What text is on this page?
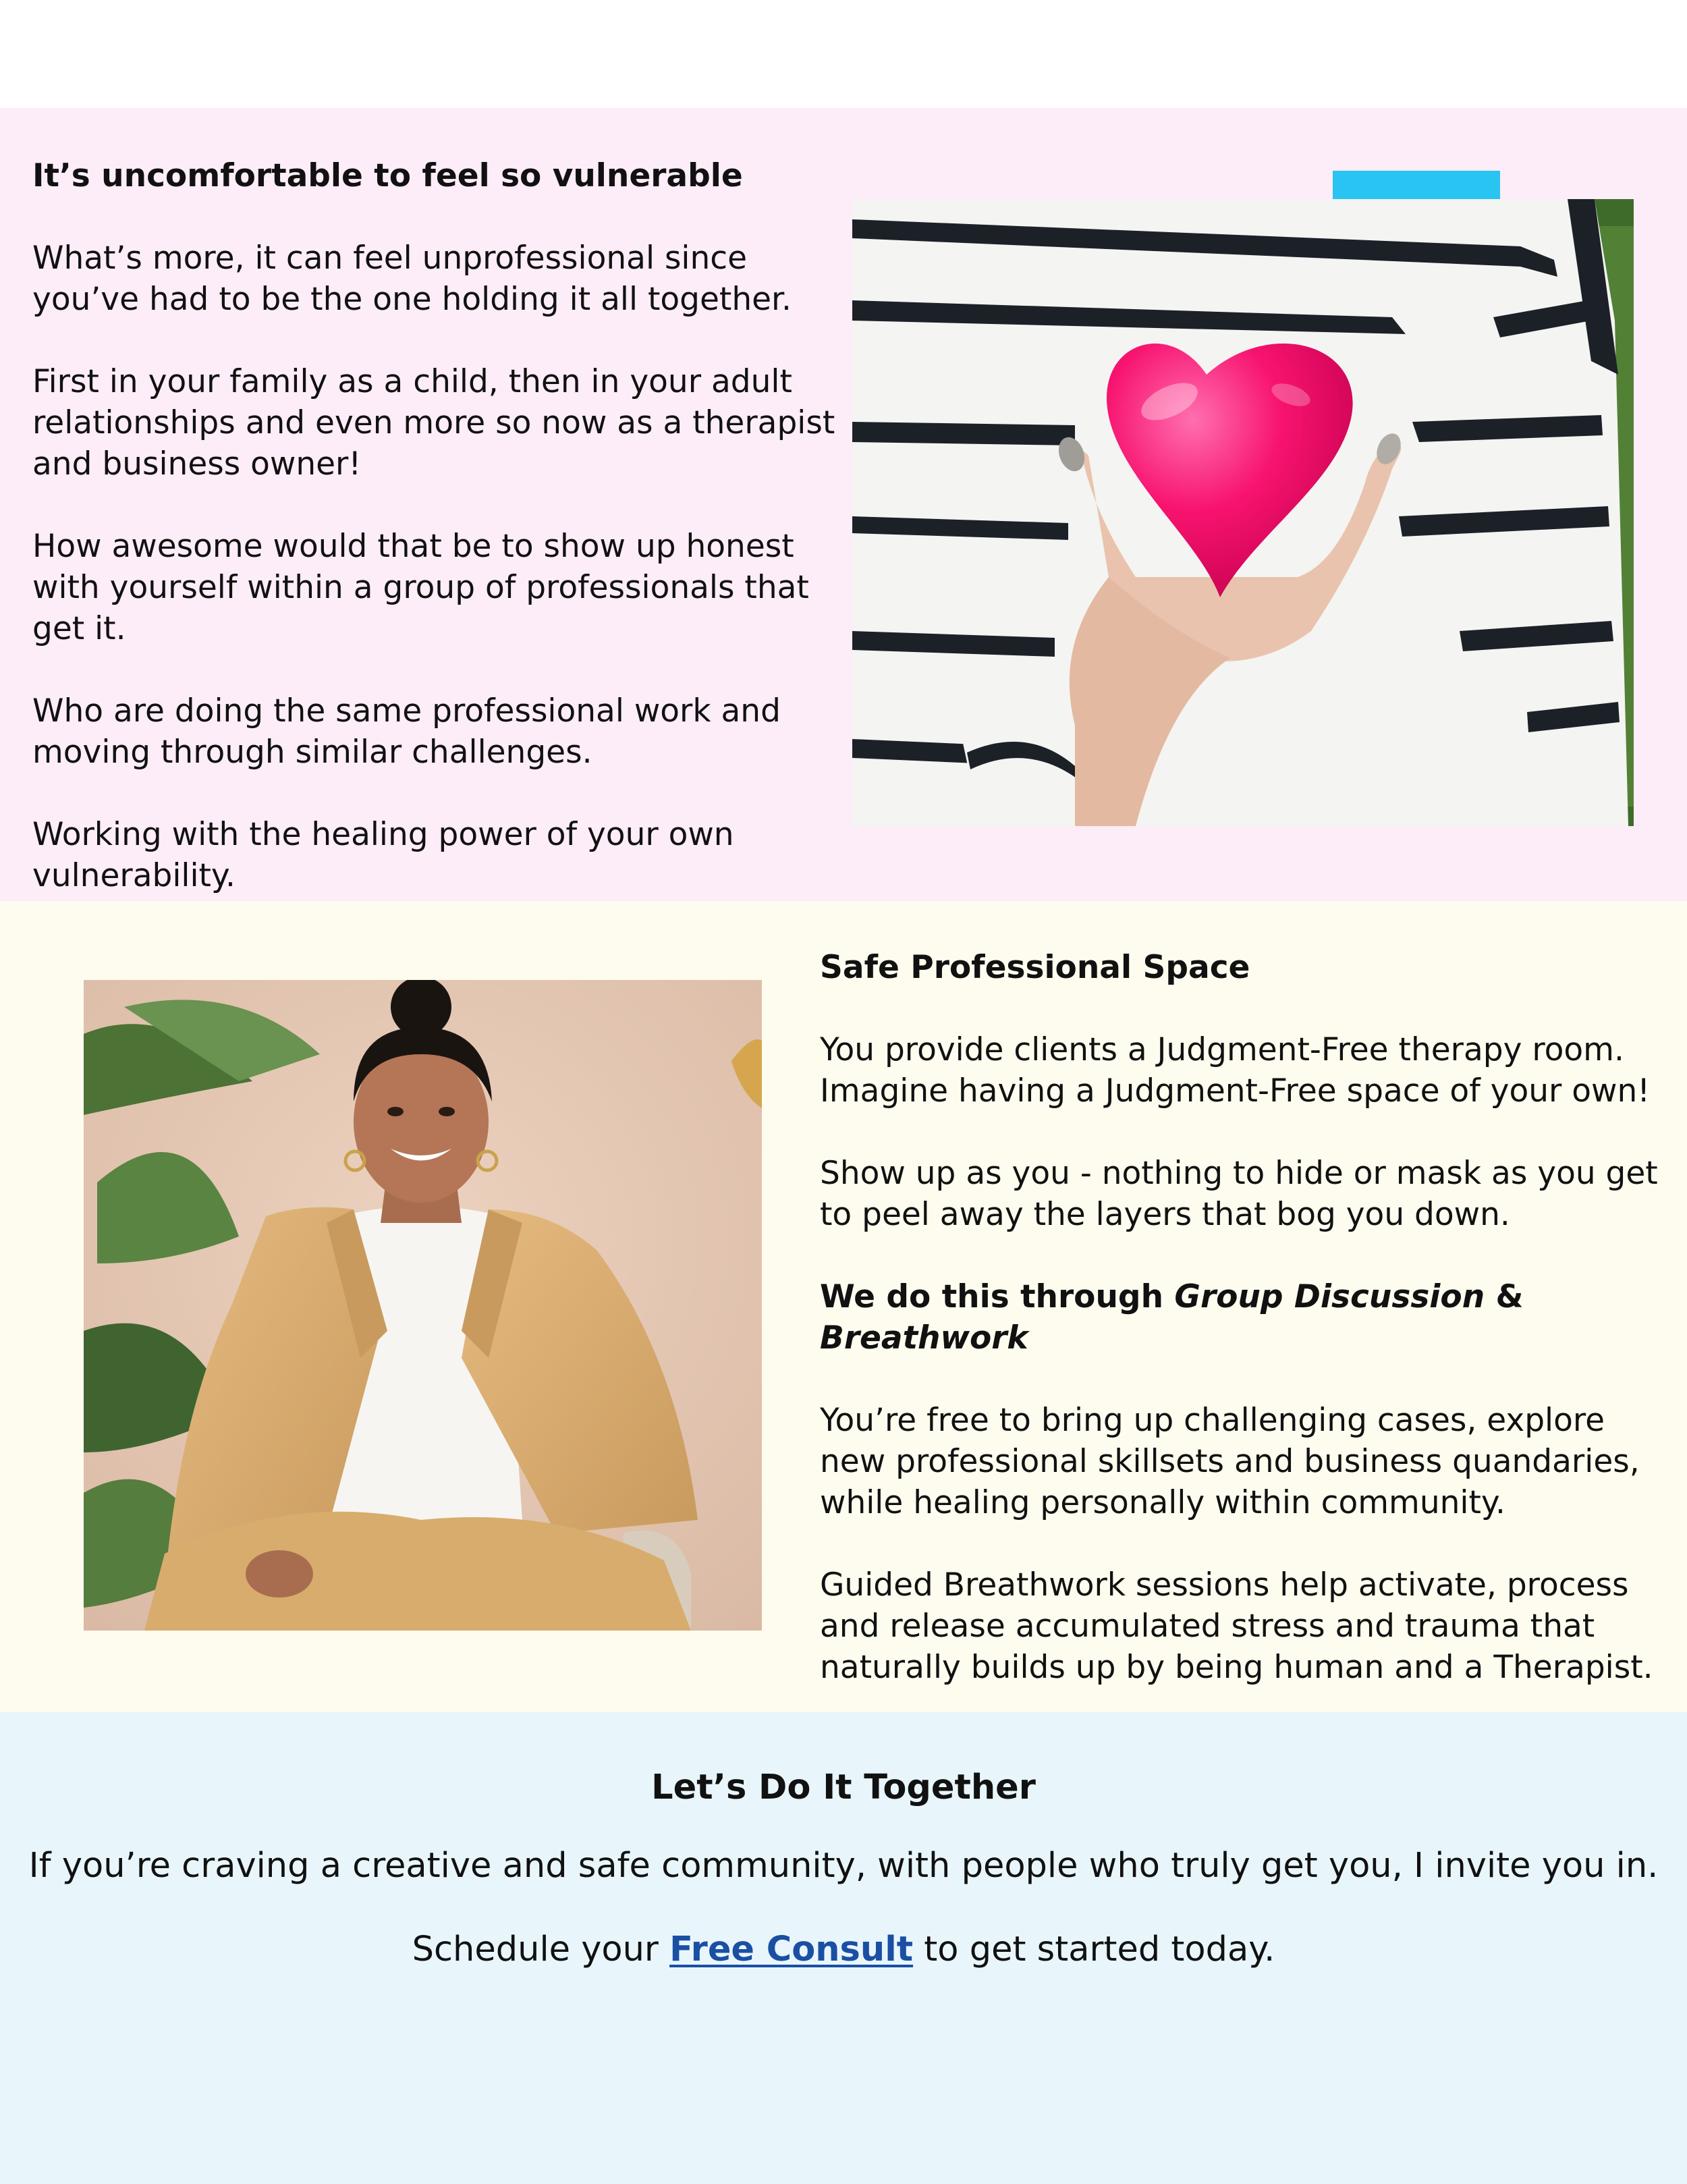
It’s uncomfortable to feel so vulnerable

What’s more, it can feel unprofessional since you’ve had to be the one holding it all together.

First in your family as a child, then in your adult relationships and even more so now as a therapist and business owner!

How awesome would that be to show up honest with yourself within a group of professionals that get it.

Who are doing the same professional work and moving through similar challenges.

Working with the healing power of your own vulnerability.

Safe Professional Space

You provide clients a Judgment-Free therapy room. Imagine having a Judgment-Free space of your own!

Show up as you - nothing to hide or mask as you get to peel away the layers that bog you down.

We do this through Group Discussion & Breathwork

You’re free to bring up challenging cases, explore new professional skillsets and business quandaries, while healing personally within community.

Guided Breathwork sessions help activate, process and release accumulated stress and trauma that naturally builds up by being human and a Therapist.

Let’s Do It Together
If you’re craving a creative and safe community, with people who truly get you, I invite you in.
Schedule your Free Consult to get started today.
